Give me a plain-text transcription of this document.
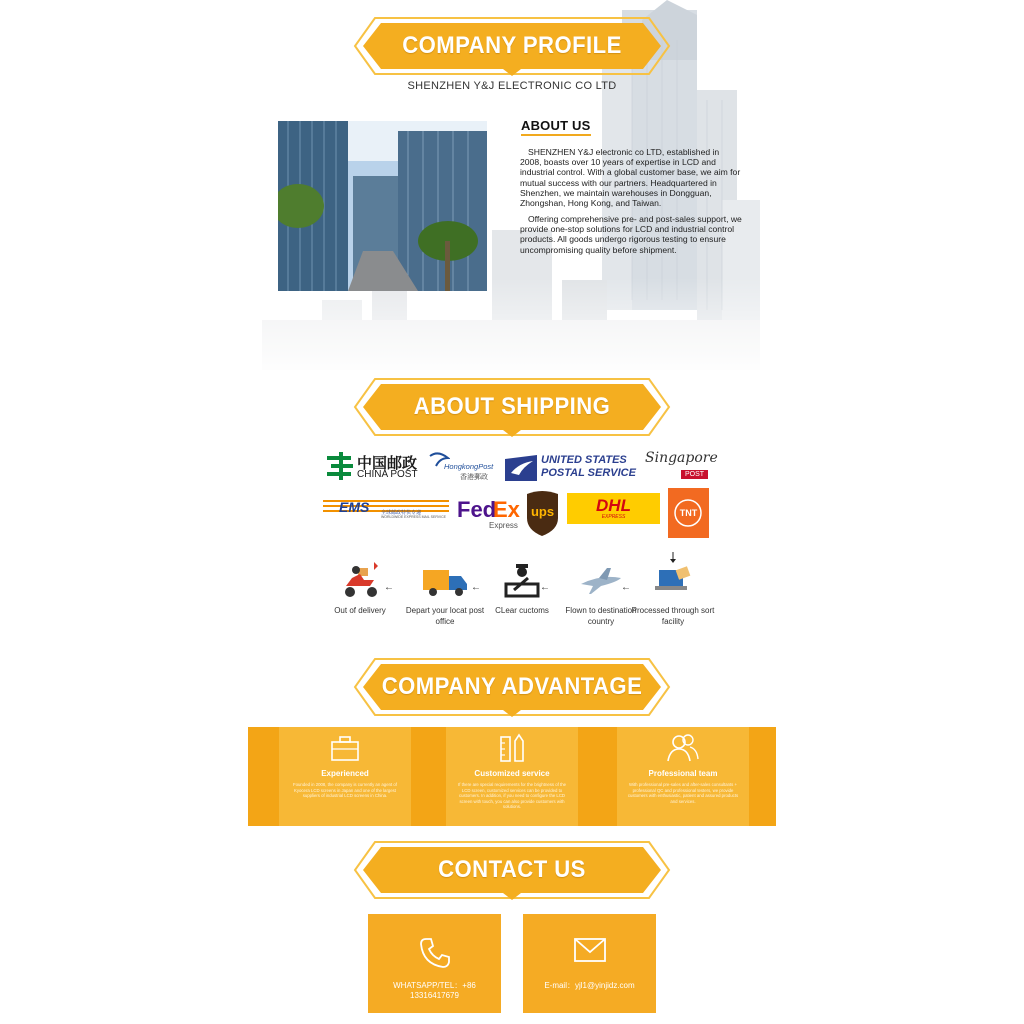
COMPANY PROFILE
SHENZHEN Y&J ELECTRONIC CO LTD
ABOUT US

SHENZHEN Y&J electronic co LTD, established in 2008, boasts over 10 years of expertise in LCD and industrial control. With a global customer base, we aim for mutual success with our partners. Headquartered in Shenzhen, we maintain warehouses in Dongguan, Zhongshan, Hong Kong, and Taiwan.

Offering comprehensive pre- and post-sales support, we provide one-stop solutions for LCD and industrial control products. All goods undergo rigorous testing to ensure uncompromising quality before shipment.

ABOUT SHIPPING
中国邮政
CHINA POST
HongkongPost
香港郵政
UNITED STATES
POSTAL SERVICE
Singapore
POST
EMS 全球邮政特快专递
WORLDWIDE EXPRESS MAIL SERVICE Fed
Ex
Express
ups	DHL
EXPRESS	TNT
Out of delivery
←
Depart your locat post office
←
CLear cuctoms
←
Flown to destination country
←
Processed through sort facility
COMPANY ADVANTAGE
Experienced
Founded in 2008, the company is currently an agent of Kyocera LCD screens in Japan and one of the largest suppliers of industrial LCD screens in China.
Customized service
If there are special requirements for the brightness of the LCD screen, customized services can be provided to customers. In addition, if you need to configure the LCD screen with touch, you can also provide customers with solutions.
Professional team
With professional pre-sales and after-sales consultants + professional QC and professional testers, we provide customers with enthusiastic, patient and assured products and services.
CONTACT US
WHATSAPP/TEL：+86 13316417679
E-mail：yjl1@yinjidz.com
